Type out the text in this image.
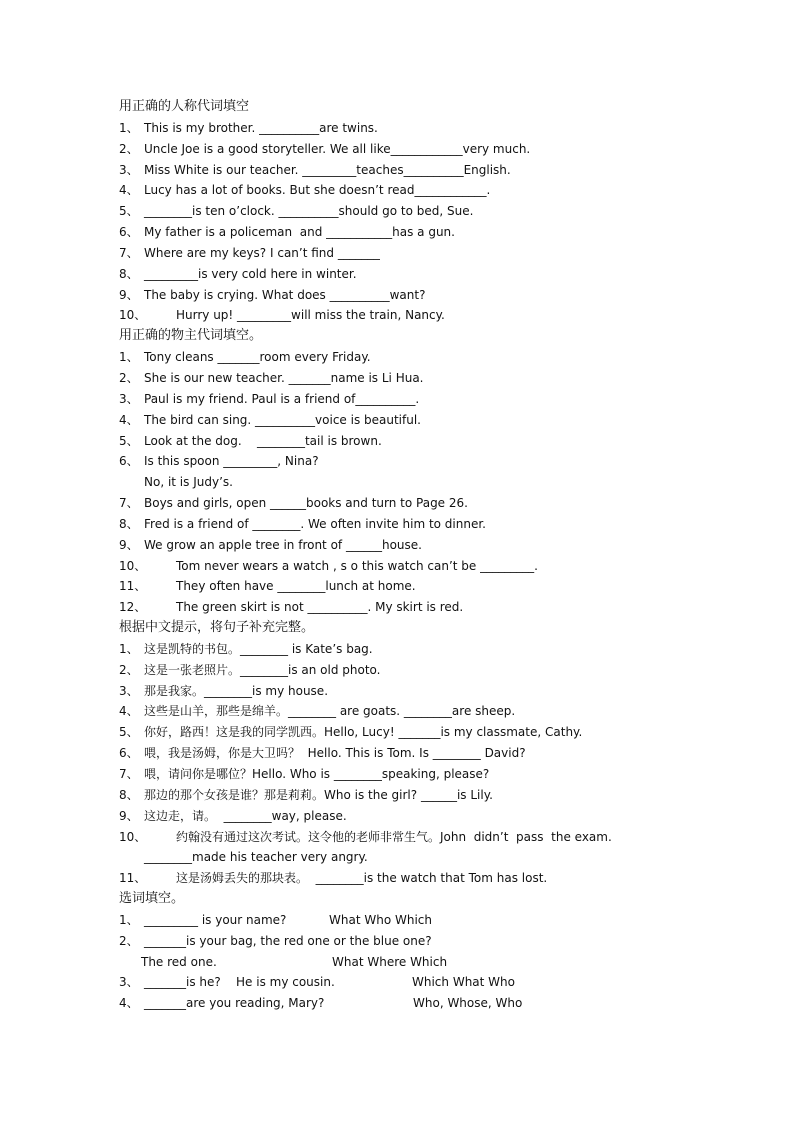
用正确的人称代词填空
1、 This is my brother. __________are twins.
2、 Uncle Joe is a good storyteller. We all like____________very much.
3、 Miss White is our teacher. _________teaches__________English.
4、 Lucy has a lot of books. But she doesn’t read____________.
5、 ________is ten o’clock. __________should go to bed, Sue.
6、 My father is a policeman  and ___________has a gun.
7、 Where are my keys? I can’t find _______
8、 _________is very cold here in winter.
9、 The baby is crying. What does __________want?
10、 Hurry up! _________will miss the train, Nancy.
用正确的物主代词填空。
1、 Tony cleans _______room every Friday.
2、 She is our new teacher. _______name is Li Hua.
3、 Paul is my friend. Paul is a friend of__________.
4、 The bird can sing. __________voice is beautiful.
5、 Look at the dog.    ________tail is brown.
6、 Is this spoon _________, Nina?
No, it is Judy’s.
7、 Boys and girls, open ______books and turn to Page 26.
8、 Fred is a friend of ________. We often invite him to dinner.
9、 We grow an apple tree in front of ______house.
10、 Tom never wears a watch , s o this watch can’t be _________.
11、 They often have ________lunch at home.
12、 The green skirt is not __________. My skirt is red.
根据中文提示，将句子补充完整。
1、 这是凯特的书包。________ is Kate’s bag.
2、 这是一张老照片。________is an old photo.
3、 那是我家。________is my house.
4、 这些是山羊，那些是绵羊。________ are goats. ________are sheep.
5、 你好，路西！这是我的同学凯西。Hello, Lucy! _______is my classmate, Cathy.
6、 喂，我是汤姆，你是大卫吗？  Hello. This is Tom. Is ________ David?
7、 喂，请问你是哪位？Hello. Who is ________speaking, please?
8、 那边的那个女孩是谁？那是莉莉。Who is the girl? ______is Lily.
9、 这边走，请。  ________way, please.
10、 约翰没有通过这次考试。这令他的老师非常生气。John  didn’t  pass  the exam.
________made his teacher very angry.
11、 这是汤姆丢失的那块表。  ________is the watch that Tom has lost.
选词填空。
1、 _________ is your name?	What Who Which
2、 _______is your bag, the red one or the blue one?
The red one.	What Where Which
3、 _______is he?    He is my cousin.	Which What Who
4、 _______are you reading, Mary?	Who, Whose, Who
